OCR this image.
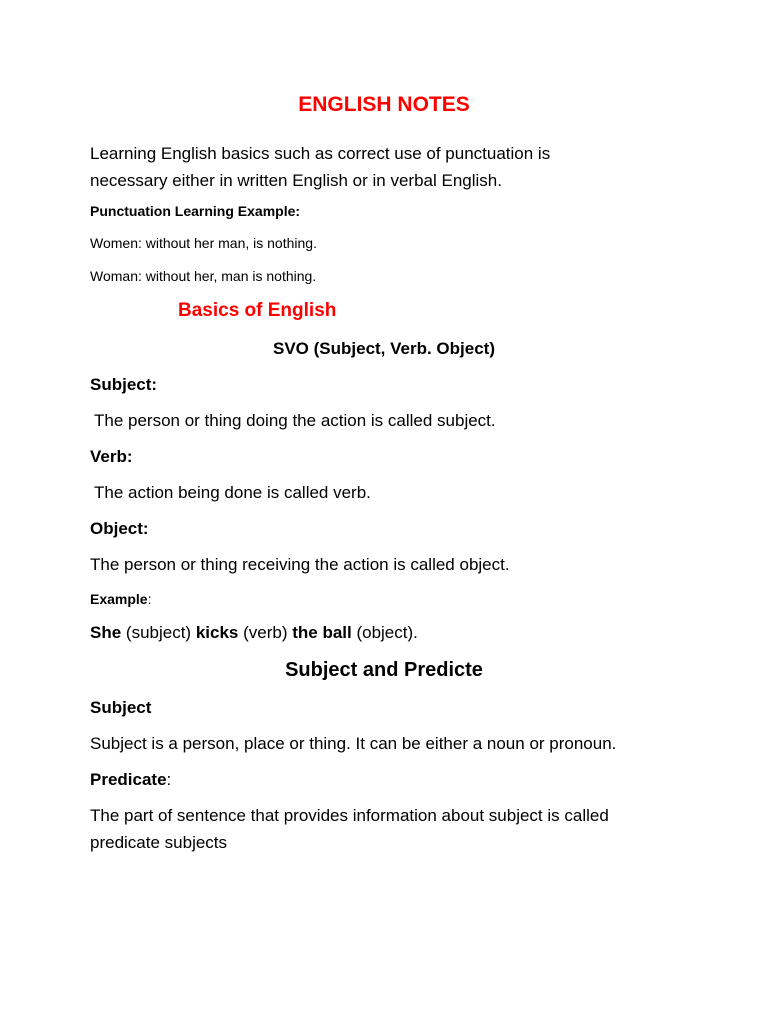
ENGLISH NOTES
Learning English basics such as correct use of punctuation is necessary either in written English or in verbal English.
Punctuation Learning Example:
Women: without her man, is nothing.
Woman: without her, man is nothing.
Basics of English
SVO (Subject, Verb. Object)
Subject:
The person or thing doing the action is called subject.
Verb:
The action being done is called verb.
Object:
The person or thing receiving the action is called object.
Example:
She (subject) kicks (verb) the ball (object).
Subject and Predicte
Subject
Subject is a person, place or thing. It can be either a noun or pronoun.
Predicate:
The part of sentence that provides information about subject is called predicate subjects
